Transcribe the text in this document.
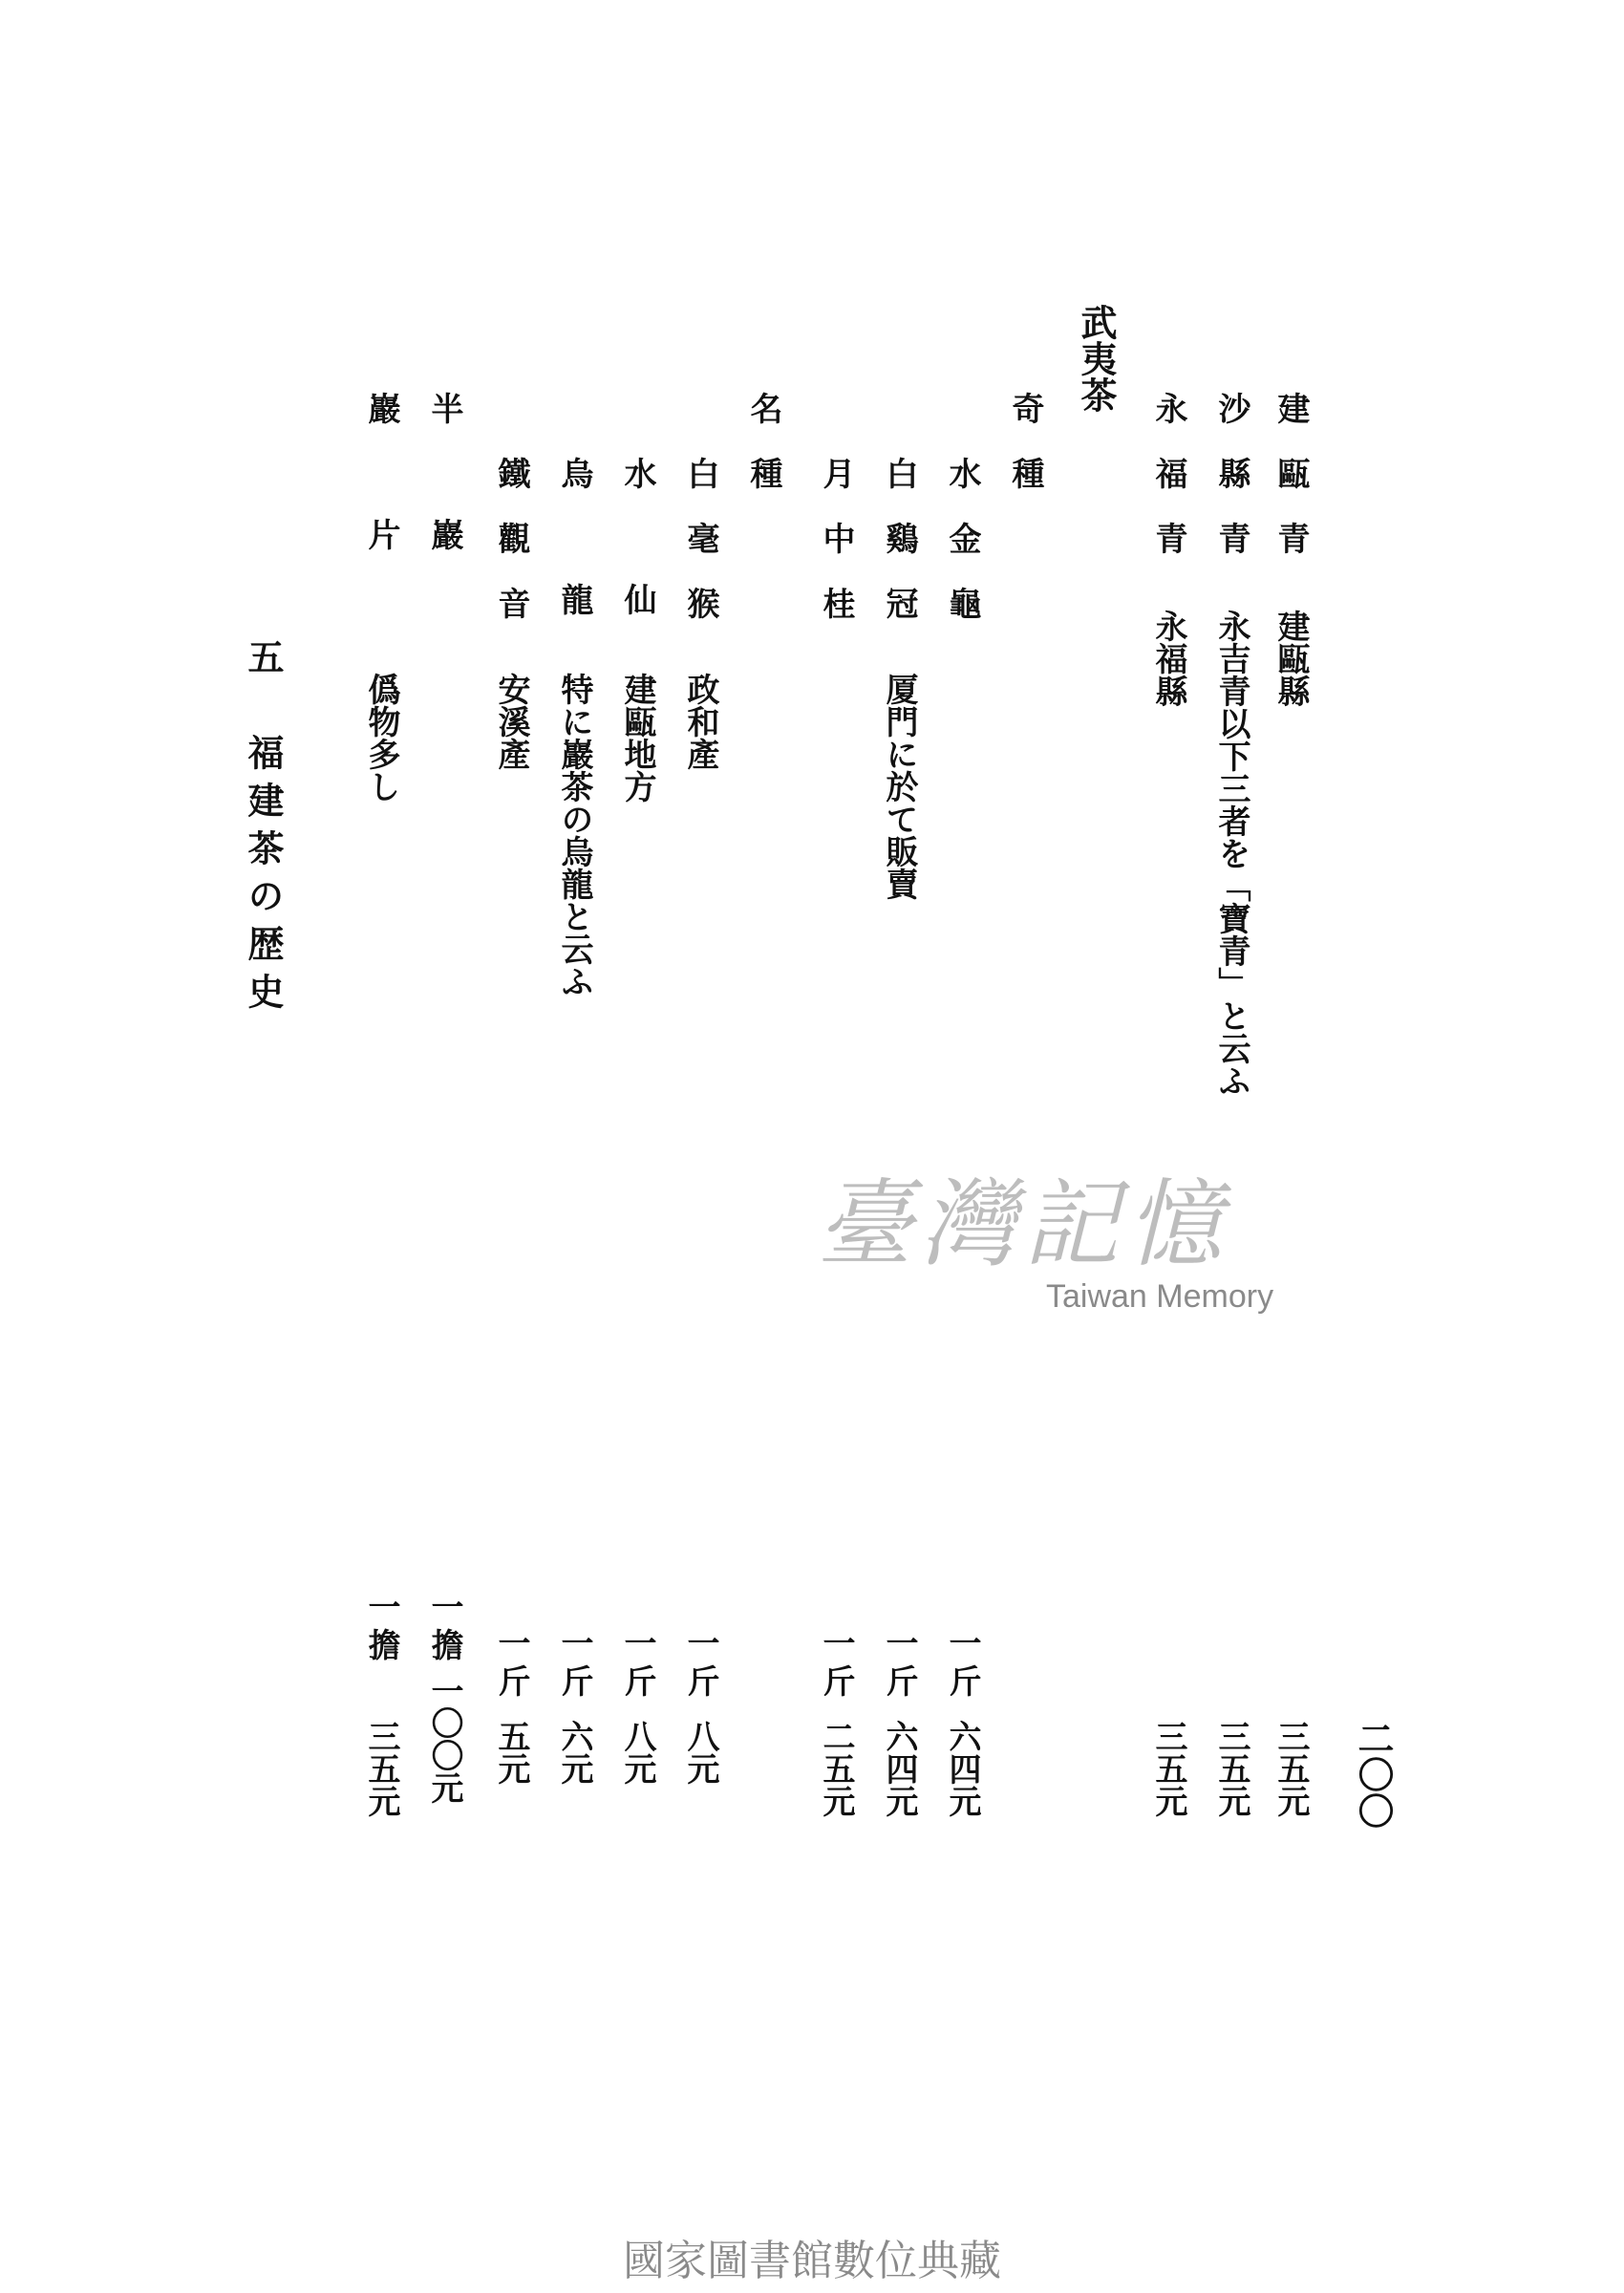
二〇〇
武夷茶
建甌青
建甌縣
三五元
沙縣青
永吉青以下三者を「寶青」と云ふ
三五元
永福青
永福縣
三五元
奇種
水金龜
一斤
六四元
白鷄冠
厦門に於て販賣
一斤
六四元
月中桂
一斤
二五元
名種
白毫猴
政和產
一斤
八元
水仙
建甌地方
一斤
八元
烏龍
特に巖茶の烏龍と云ふ
一斤
六元
鐵觀音
安溪產
一斤
五元
半巖
一擔
一〇〇元
巖片
僞物多し
一擔
三五元
五　福建茶の歴史
臺灣記憶
Taiwan Memory
國家圖書館數位典藏
